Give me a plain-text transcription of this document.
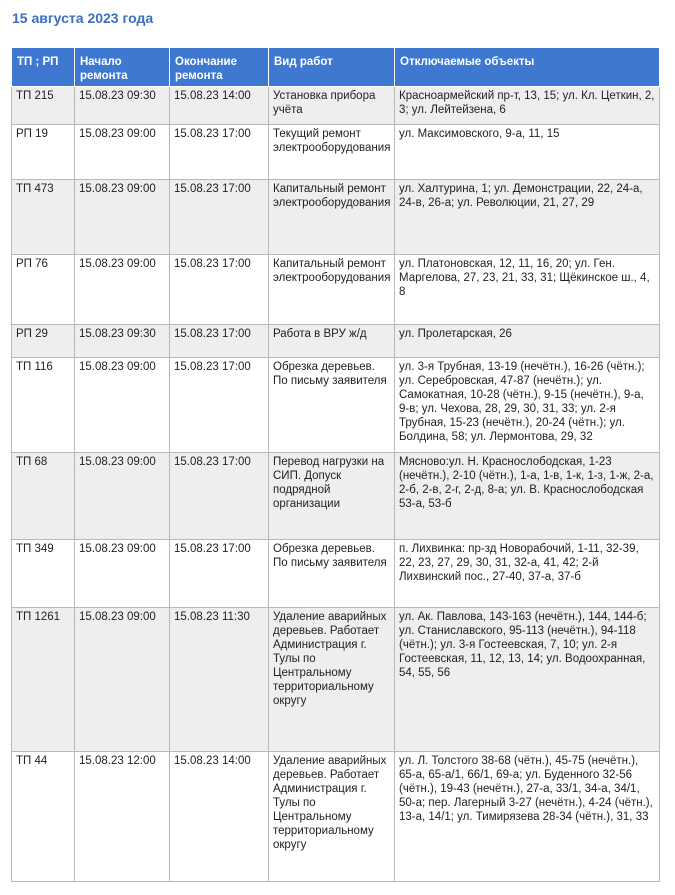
15 августа 2023 года
ТП ; РП	Начало ремонта	Окончание ремонта	Вид работ	Отключаемые объекты
ТП 215	15.08.23 09:30	15.08.23 14:00	Установка прибора учёта	Красноармейский пр-т, 13, 15; ул. Кл. Цеткин, 2, 3; ул. Лейтейзена, 6
РП 19	15.08.23 09:00	15.08.23 17:00	Текущий ремонт электрооборудования	ул. Максимовского, 9-а, 11, 15
ТП 473	15.08.23 09:00	15.08.23 17:00	Капитальный ремонт электрооборудования	ул. Халтурина, 1; ул. Демонстрации, 22, 24-а, 24-в, 26-а; ул. Революции, 21, 27, 29
РП 76	15.08.23 09:00	15.08.23 17:00	Капитальный ремонт электрооборудования	ул. Платоновская, 12, 11, 16, 20; ул. Ген. Маргелова, 27, 23, 21, 33, 31; Щёкинское ш., 4, 8
РП 29	15.08.23 09:30	15.08.23 17:00	Работа в ВРУ ж/д	ул. Пролетарская, 26
ТП 116	15.08.23 09:00	15.08.23 17:00	Обрезка деревьев. По письму заявителя	ул. 3-я Трубная, 13-19 (нечётн.), 16-26 (чётн.); ул. Серебровская, 47-87 (нечётн.); ул. Самокатная, 10-28 (чётн.), 9-15 (нечётн.), 9-а, 9-в; ул. Чехова, 28, 29, 30, 31, 33; ул. 2-я Трубная, 15-23 (нечётн.), 20-24 (чётн.); ул. Болдина, 58; ул. Лермонтова, 29, 32
ТП 68	15.08.23 09:00	15.08.23 17:00	Перевод нагрузки на СИП. Допуск подрядной организации	Мясново:ул. Н. Краснослободская, 1-23 (нечётн.), 2-10 (чётн.), 1-а, 1-в, 1-к, 1-з, 1-ж, 2-а, 2-б, 2-в, 2-г, 2-д, 8-а; ул. В. Краснослободская 53-а, 53-б
ТП 349	15.08.23 09:00	15.08.23 17:00	Обрезка деревьев. По письму заявителя	п. Лихвинка: пр-зд Новорабочий, 1-11, 32-39, 22, 23, 27, 29, 30, 31, 32-а, 41, 42; 2-й Лихвинский пос., 27-40, 37-а, 37-б
ТП 1261	15.08.23 09:00	15.08.23 11:30	Удаление аварийных деревьев. Работает Администрация г. Тулы по Центральному территориальному округу	ул. Ак. Павлова, 143-163 (нечётн.), 144, 144-б; ул. Станиславского, 95-113 (нечётн.), 94-118 (чётн.); ул. 3-я Гостеевская, 7, 10; ул. 2-я Гостеевская, 11, 12, 13, 14; ул. Водоохранная, 54, 55, 56
ТП 44	15.08.23 12:00	15.08.23 14:00	Удаление аварийных деревьев. Работает Администрация г. Тулы по Центральному территориальному округу	ул. Л. Толстого 38-68 (чётн.), 45-75 (нечётн.), 65-а, 65-а/1, 66/1, 69-а; ул. Буденного 32-56 (чётн.), 19-43 (нечётн.), 27-а, 33/1, 34-а, 34/1, 50-а; пер. Лагерный 3-27 (нечётн.), 4-24 (чётн.), 13-а, 14/1; ул. Тимирязева 28-34 (чётн.), 31, 33
